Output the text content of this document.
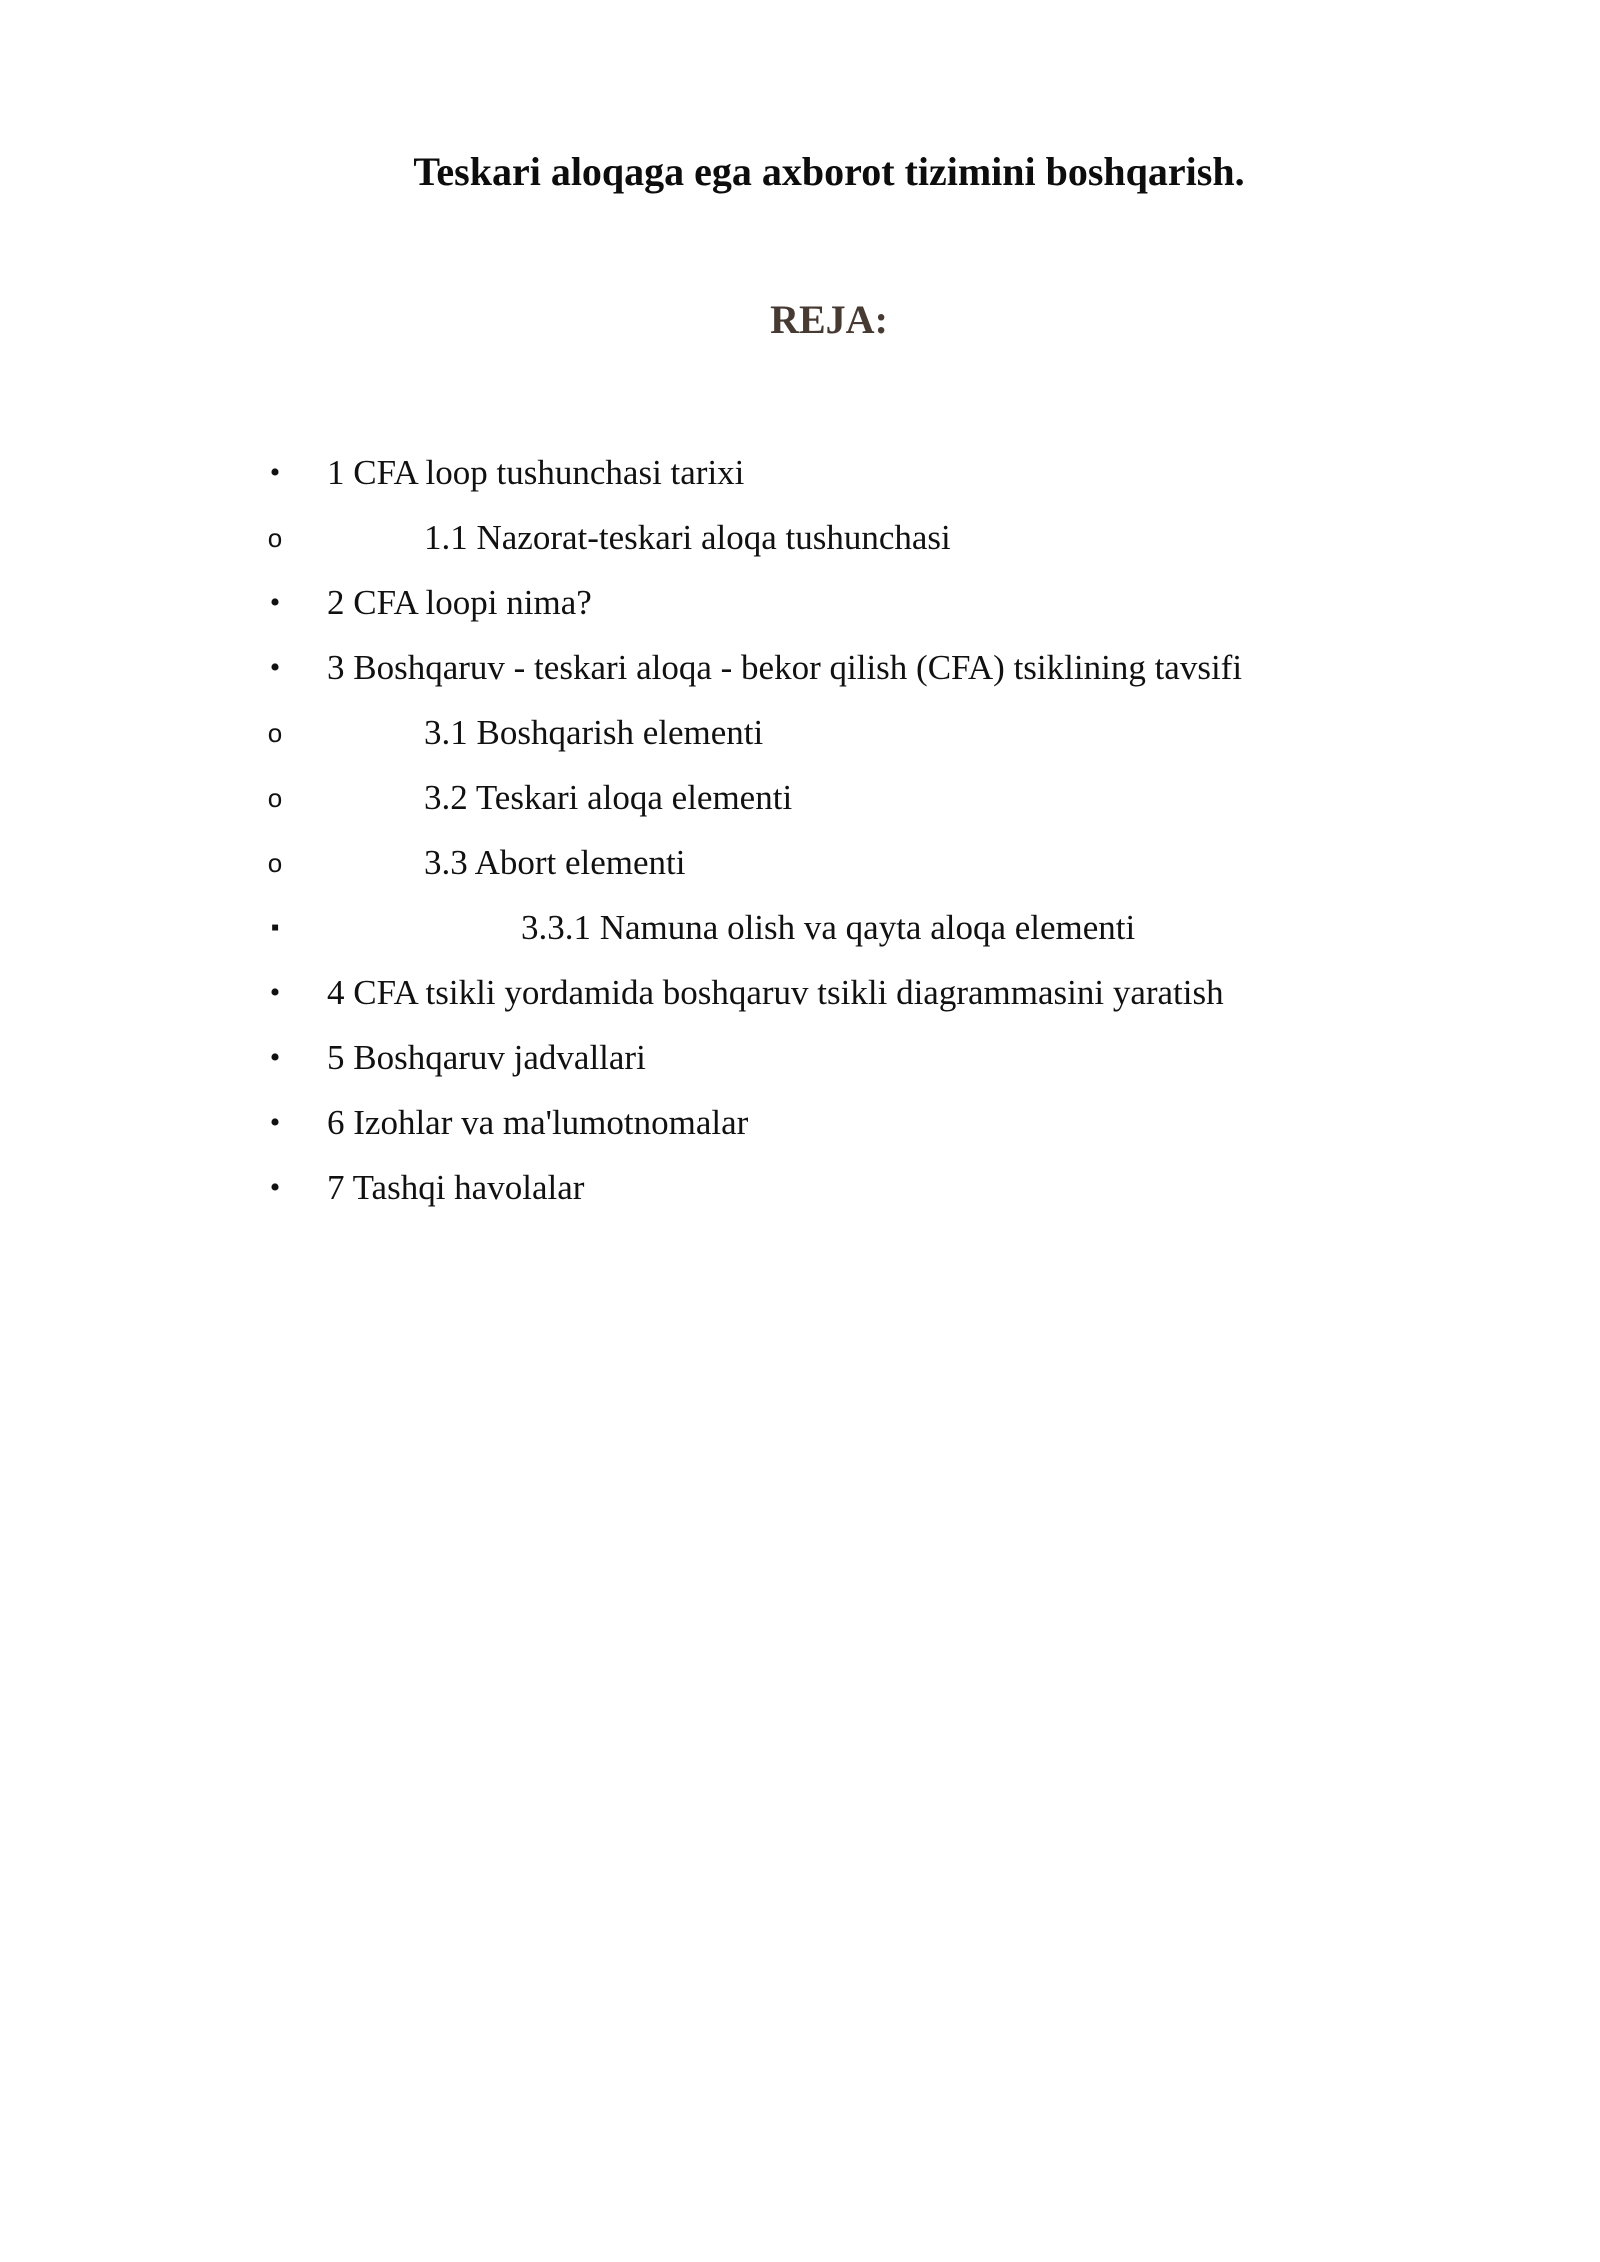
Teskari aloqaga ega axborot tizimini boshqarish.
REJA:
• 1 CFA loop tushunchasi tarixi
o	1.1 Nazorat-teskari aloqa tushunchasi
• 2 CFA loopi nima?
• 3 Boshqaruv - teskari aloqa - bekor qilish (CFA) tsiklining tavsifi
o	3.1 Boshqarish elementi
o	3.2 Teskari aloqa elementi
o	3.3 Abort elementi
▪	3.3.1 Namuna olish va qayta aloqa elementi
• 4 CFA tsikli yordamida boshqaruv tsikli diagrammasini yaratish
• 5 Boshqaruv jadvallari
• 6 Izohlar va ma'lumotnomalar
• 7 Tashqi havolalar
